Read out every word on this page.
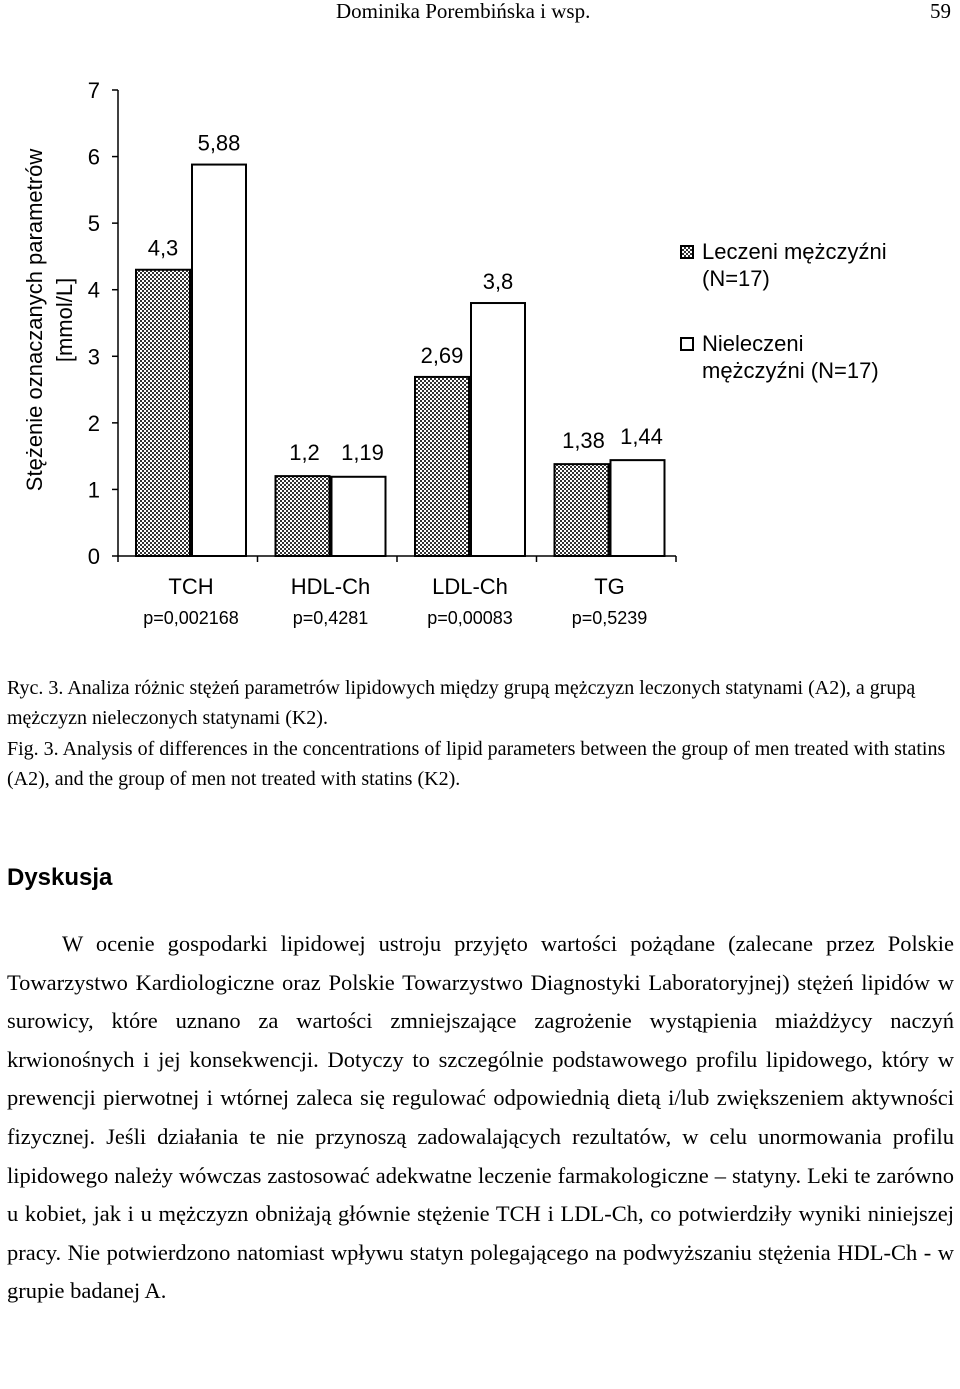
Dominika Porembińska i wsp.	59
Stężenie oznaczanych parametrów [mmol/L]
0
1
2
3
4
5
6
7
TCH
p=0,002168
HDL-Ch
p=0,4281
LDL-Ch
p=0,00083
TG
p=0,5239
4,3
5,88
1,2 1,19
2,69
3,8
1,38 1,44
Leczeni mężczyźni
(N=17)
Nieleczeni
mężczyźni (N=17)

Ryc. 3. Analiza różnic stężeń parametrów lipidowych między grupą mężczyzn leczonych statynami (A2), a grupą mężczyzn nieleczonych statynami (K2).

Fig. 3. Analysis of differences in the concentrations of lipid parameters between the group of men treated with statins (A2), and the group of men not treated with statins (K2).

Dyskusja

W ocenie gospodarki lipidowej ustroju przyjęto wartości pożądane (zalecane przez Polskie Towarzystwo Kardiologiczne oraz Polskie Towarzystwo Diagnostyki Laboratoryjnej) stężeń lipidów w surowicy, które uznano za wartości zmniejszające zagrożenie wystąpienia miażdżycy naczyń krwionośnych i jej konsekwencji. Dotyczy to szczególnie podstawowego profilu lipidowego, który w prewencji pierwotnej i wtórnej zaleca się regulować odpowiednią dietą i/lub zwiększeniem aktywności fizycznej. Jeśli działania te nie przynoszą zadowalających rezultatów, w celu unormowania profilu lipidowego należy wówczas zastosować adekwatne leczenie farmakologiczne – statyny. Leki te zarówno u kobiet, jak i u mężczyzn obniżają głównie stężenie TCH i LDL-Ch, co potwierdziły wyniki niniejszej pracy. Nie potwierdzono natomiast wpływu statyn polegającego na podwyższaniu stężenia HDL-Ch - w grupie badanej A.
